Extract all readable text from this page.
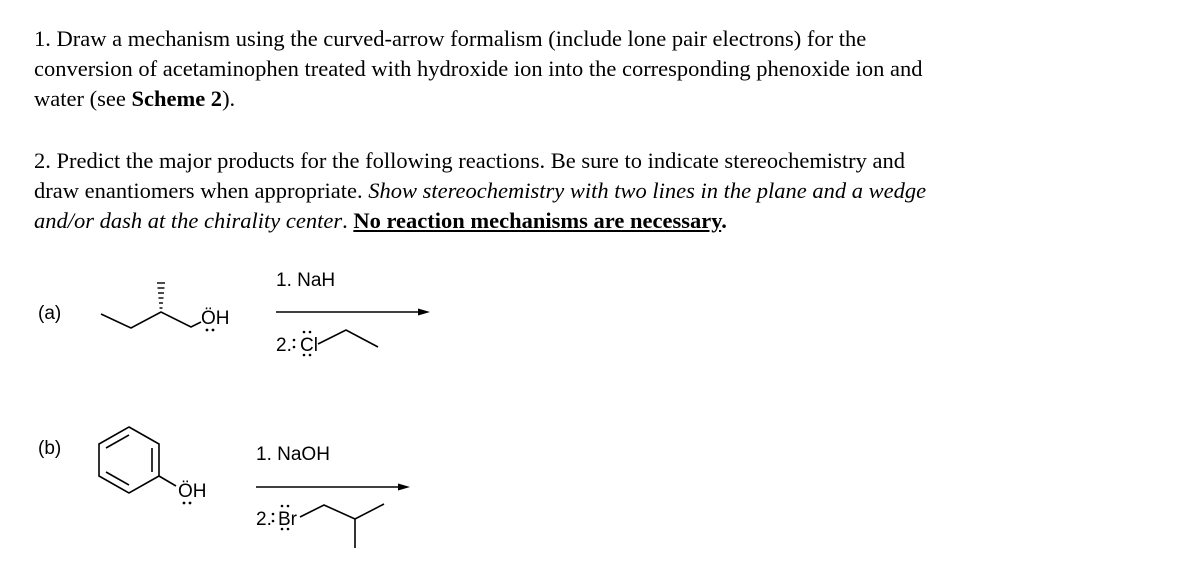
1. Draw a mechanism using the curved-arrow formalism (include lone pair electrons) for the
conversion of acetaminophen treated with hydroxide ion into the corresponding phenoxide ion and
water (see Scheme 2).
2. Predict the major products for the following reactions. Be sure to indicate stereochemistry and
draw enantiomers when appropriate. Show stereochemistry with two lines in the plane and a wedge
and/or dash at the chirality center. No reaction mechanisms are necessary.
(a)
(b)
ÖH
1. NaH
2. Cl
ÖH
1. NaOH
2. Br
